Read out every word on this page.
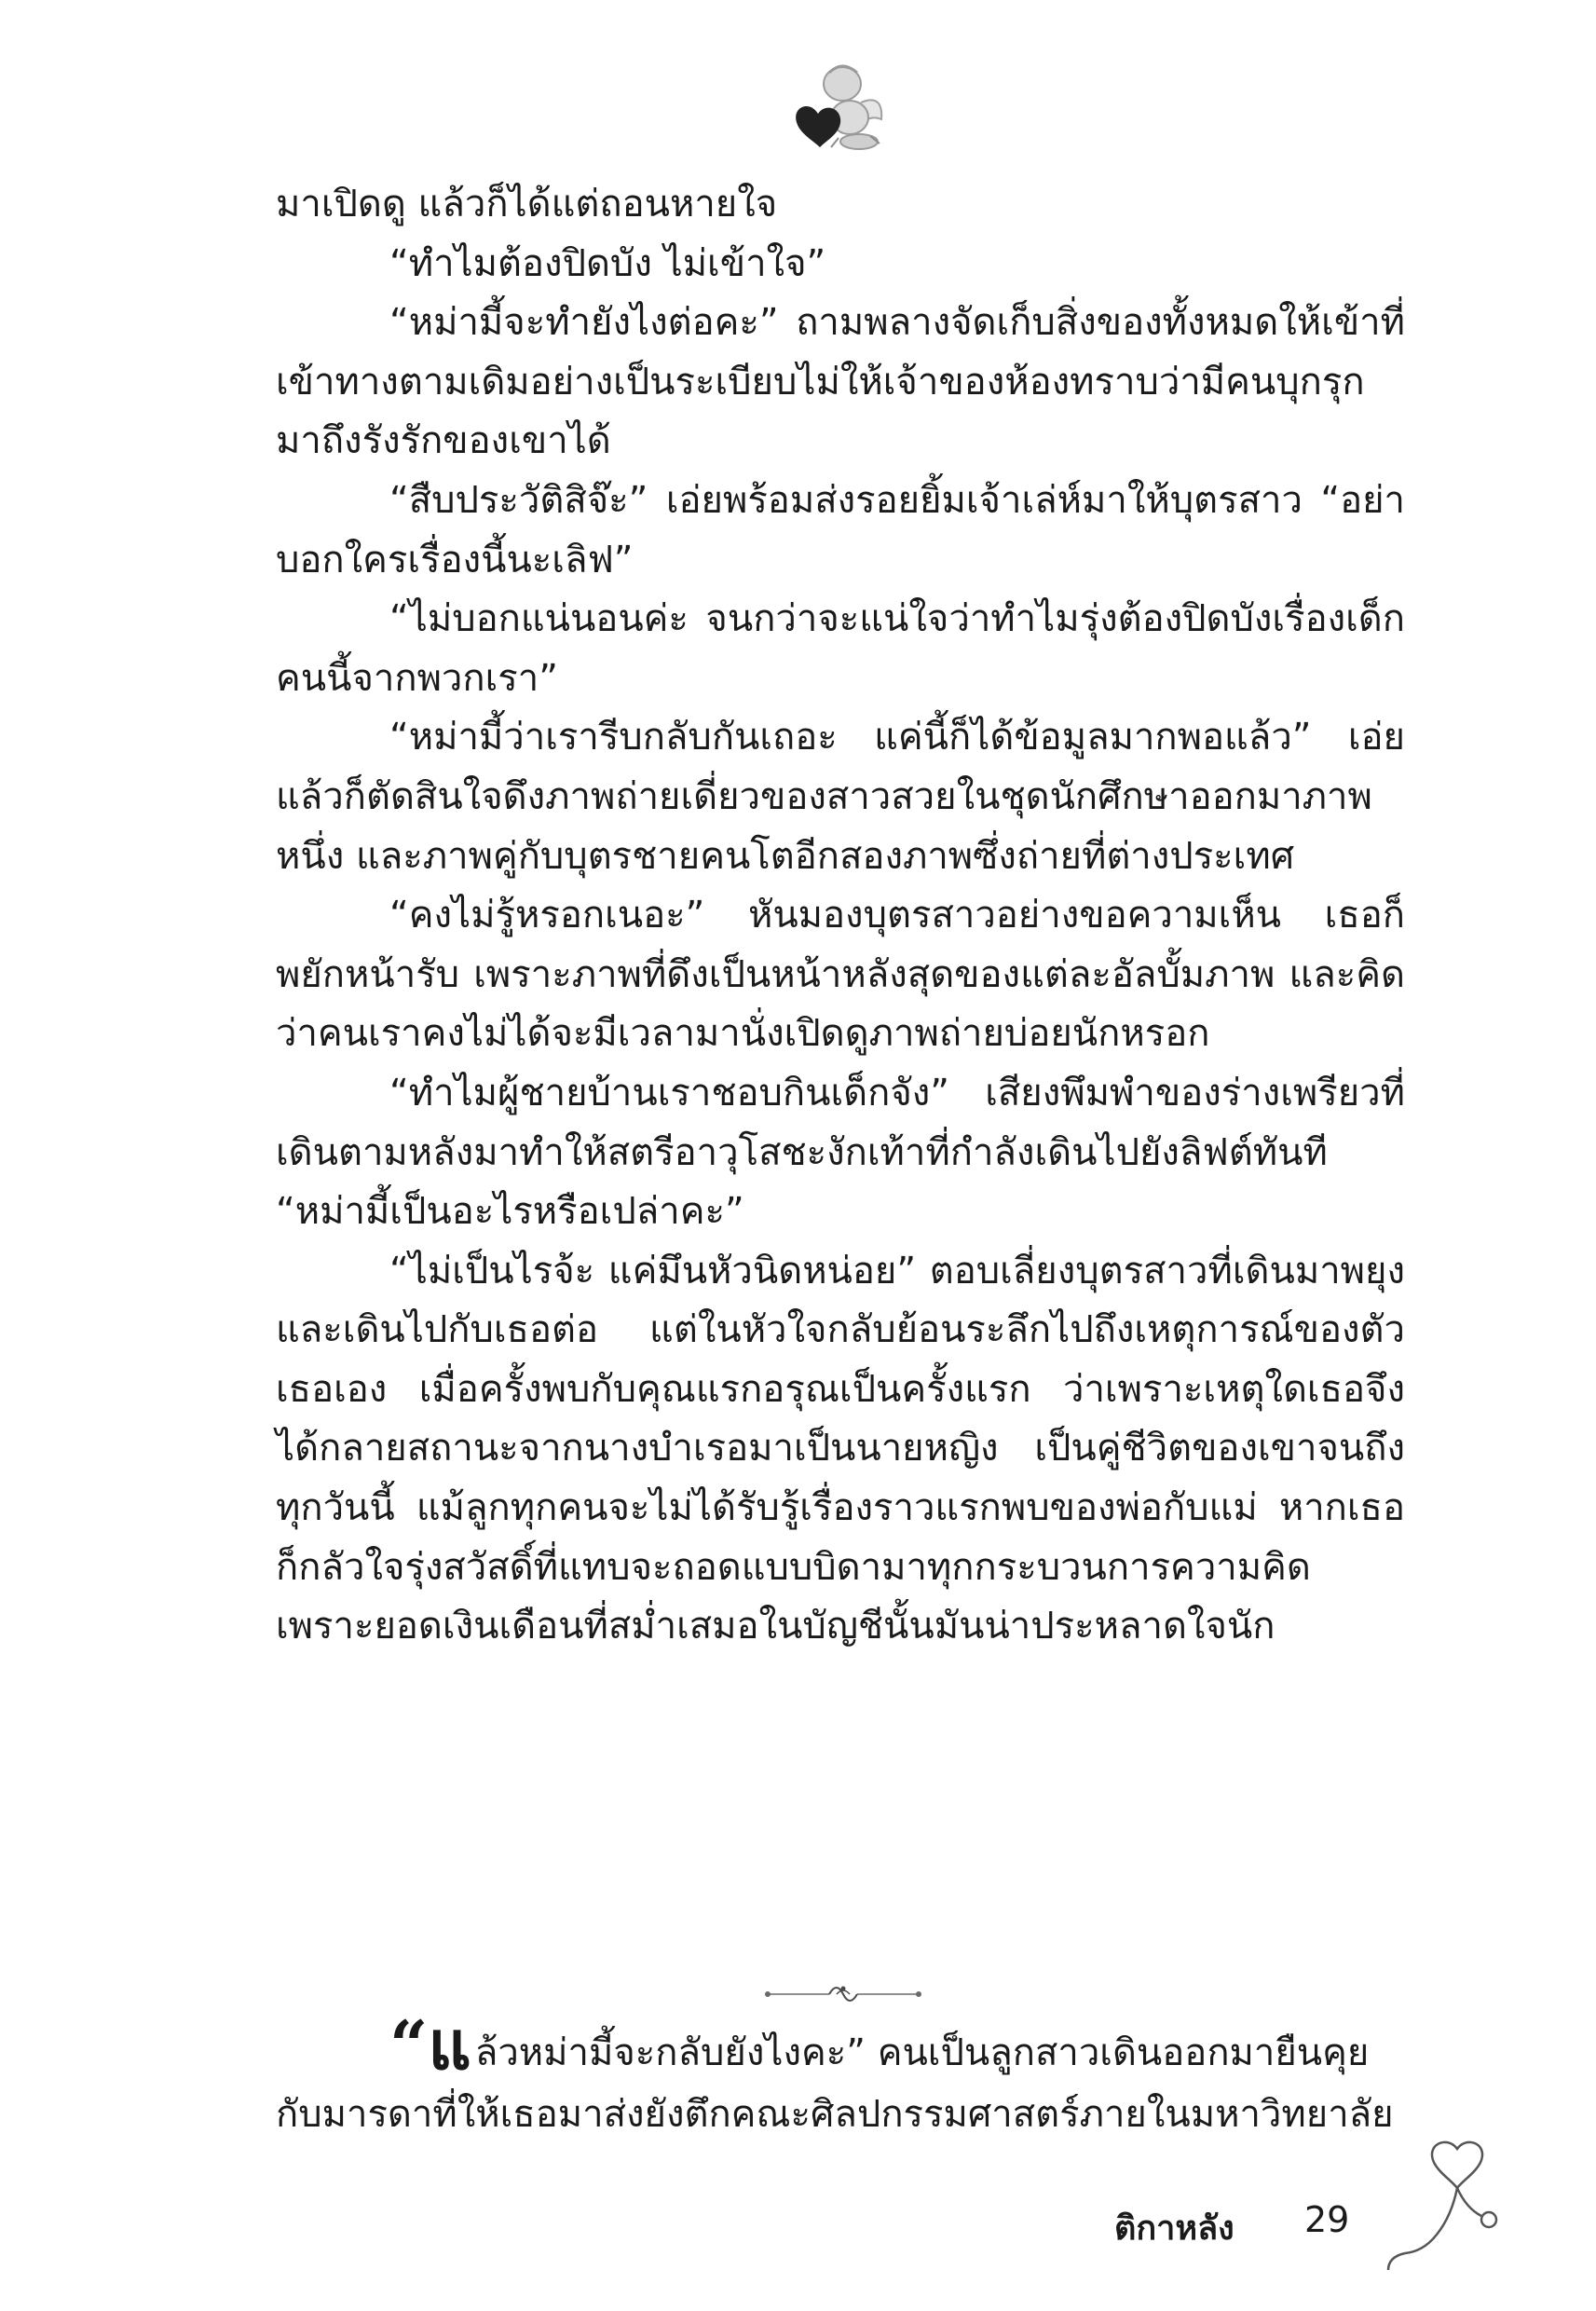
มาเปิดดู แล้วก็ได้แต่ถอนหายใจ

“ทำไมต้องปิดบัง ไม่เข้าใจ”

“หม่ามี้จะทำยังไงต่อคะ” ถามพลางจัดเก็บสิ่งของทั้งหมดให้เข้าที่เข้าทางตามเดิมอย่างเป็นระเบียบไม่ให้เจ้าของห้องทราบว่ามีคนบุกรุกมาถึงรังรักของเขาได้

“สืบประวัติสิจ๊ะ” เอ่ยพร้อมส่งรอยยิ้มเจ้าเล่ห์มาให้บุตรสาว “อย่าบอกใครเรื่องนี้นะเลิฟ”

“ไม่บอกแน่นอนค่ะ จนกว่าจะแน่ใจว่าทำไมรุ่งต้องปิดบังเรื่องเด็กคนนี้จากพวกเรา”

“หม่ามี้ว่าเรารีบกลับกันเถอะ แค่นี้ก็ได้ข้อมูลมากพอแล้ว” เอ่ยแล้วก็ตัดสินใจดึงภาพถ่ายเดี่ยวของสาวสวยในชุดนักศึกษาออกมาภาพหนึ่ง และภาพคู่กับบุตรชายคนโตอีกสองภาพซึ่งถ่ายที่ต่างประเทศ

“คงไม่รู้หรอกเนอะ” หันมองบุตรสาวอย่างขอความเห็น เธอก็พยักหน้ารับ เพราะภาพที่ดึงเป็นหน้าหลังสุดของแต่ละอัลบั้มภาพ และคิดว่าคนเราคงไม่ได้จะมีเวลามานั่งเปิดดูภาพถ่ายบ่อยนักหรอก

“ทำไมผู้ชายบ้านเราชอบกินเด็กจัง” เสียงพึมพำของร่างเพรียวที่เดินตามหลังมาทำให้สตรีอาวุโสชะงักเท้าที่กำลังเดินไปยังลิฟต์ทันที

“หม่ามี้เป็นอะไรหรือเปล่าคะ”

“ไม่เป็นไรจ้ะ แค่มึนหัวนิดหน่อย” ตอบเลี่ยงบุตรสาวที่เดินมาพยุงและเดินไปกับเธอต่อ แต่ในหัวใจกลับย้อนระลึกไปถึงเหตุการณ์ของตัวเธอเอง เมื่อครั้งพบกับคุณแรกอรุณเป็นครั้งแรก ว่าเพราะเหตุใดเธอจึงได้กลายสถานะจากนางบำเรอมาเป็นนายหญิง เป็นคู่ชีวิตของเขาจนถึงทุกวันนี้ แม้ลูกทุกคนจะไม่ได้รับรู้เรื่องราวแรกพบของพ่อกับแม่ หากเธอก็กลัวใจรุ่งสวัสดิ์ที่แทบจะถอดแบบบิดามาทุกกระบวนการความคิดเพราะยอดเงินเดือนที่สม่ำเสมอในบัญชีนั้นมันน่าประหลาดใจนัก

“แล้วหม่ามี้จะกลับยังไงคะ” คนเป็นลูกสาวเดินออกมายืนคุยกับมารดาที่ให้เธอมาส่งยังตึกคณะศิลปกรรมศาสตร์ภายในมหาวิทยาลัย

ติกาหลัง 29
